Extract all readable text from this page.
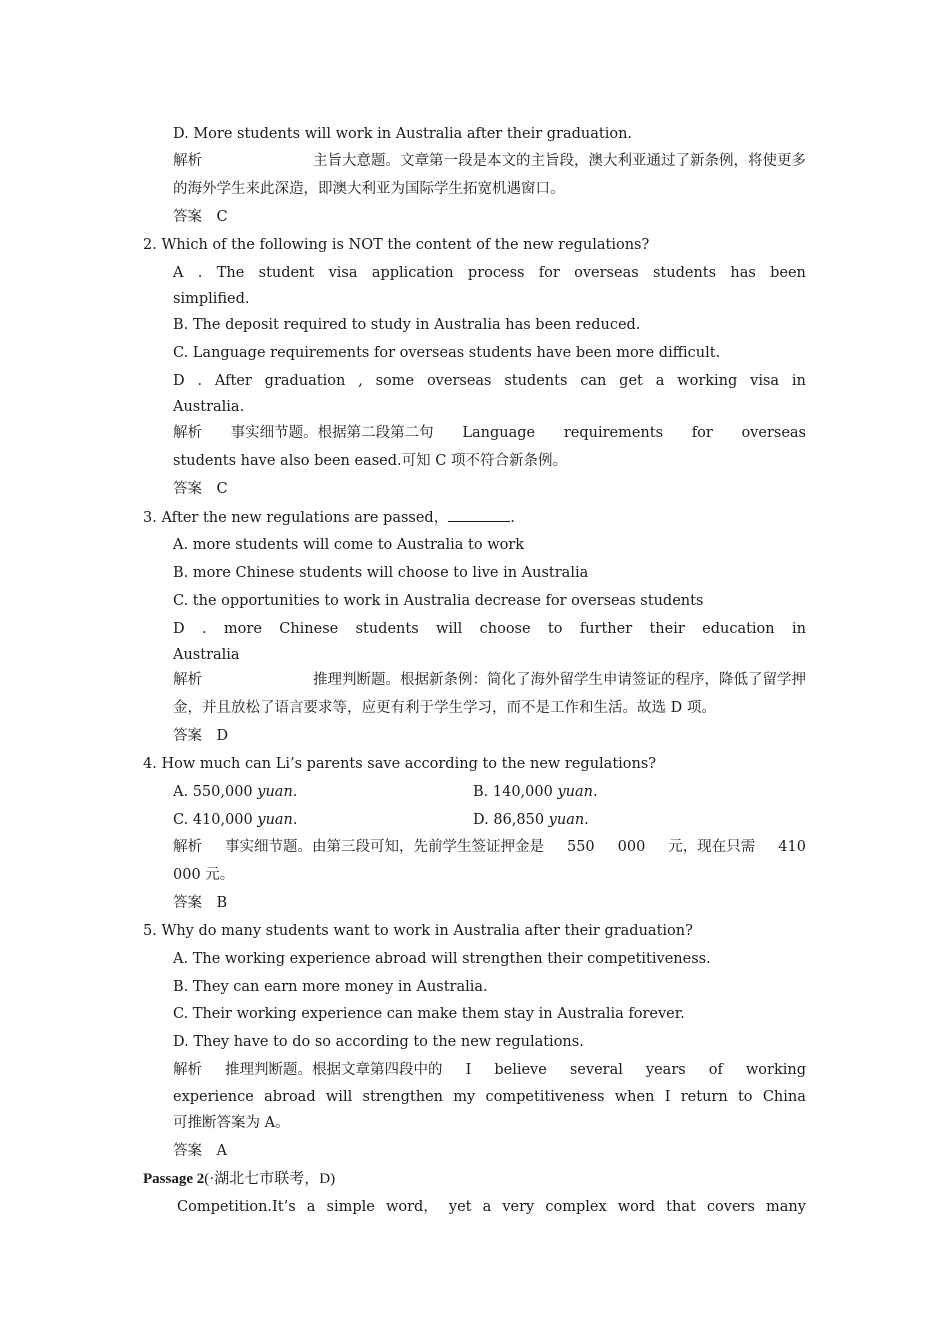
D. More students will work in Australia after their graduation.
解析	主旨大意题。文章第一段是本文的主旨段，澳大利亚通过了新条例，将使更多
的海外学生来此深造，即澳大利亚为国际学生拓宽机遇窗口。
答案　C
2. Which of the following is NOT the content of the new regulations?
A . The student visa application process for overseas students has been
simplified.
B. The deposit required to study in Australia has been reduced.
C. Language requirements for overseas students have been more difficult.
D . After graduation , some overseas students can get a working visa in
Australia.
解析 事实细节题。根据第二段第二句 Language requirements for overseas
students have also been eased.可知 C 项不符合新条例。
答案　C
3. After the new regulations are passed，	.
A. more students will come to Australia to work
B. more Chinese students will choose to live in Australia
C. the opportunities to work in Australia decrease for overseas students
D . more Chinese students will choose to further their education in
Australia
解析	推理判断题。根据新条例：简化了海外留学生申请签证的程序，降低了留学押
金，并且放松了语言要求等，应更有利于学生学习，而不是工作和生活。故选 D 项。
答案　D
4. How much can Li’s parents save according to the new regulations?
A. 550,000 yuan.	B. 140,000 yuan.
C. 410,000 yuan.	D. 86,850 yuan.
解析 事实细节题。由第三段可知，先前学生签证押金是 550 000 元，现在只需 410
000 元。
答案　B
5. Why do many students want to work in Australia after their graduation?
A. The working experience abroad will strengthen their competitiveness.
B. They can earn more money in Australia.
C. Their working experience can make them stay in Australia forever.
D. They have to do so according to the new regulations.
解析 推理判断题。根据文章第四段中的 I believe several years of working
experience abroad will strengthen my competitiveness when I return to China
可推断答案为 A。
答案　A
Passage 2(·湖北七市联考，D)
Competition.It’s a simple word， yet a very complex word that covers many
